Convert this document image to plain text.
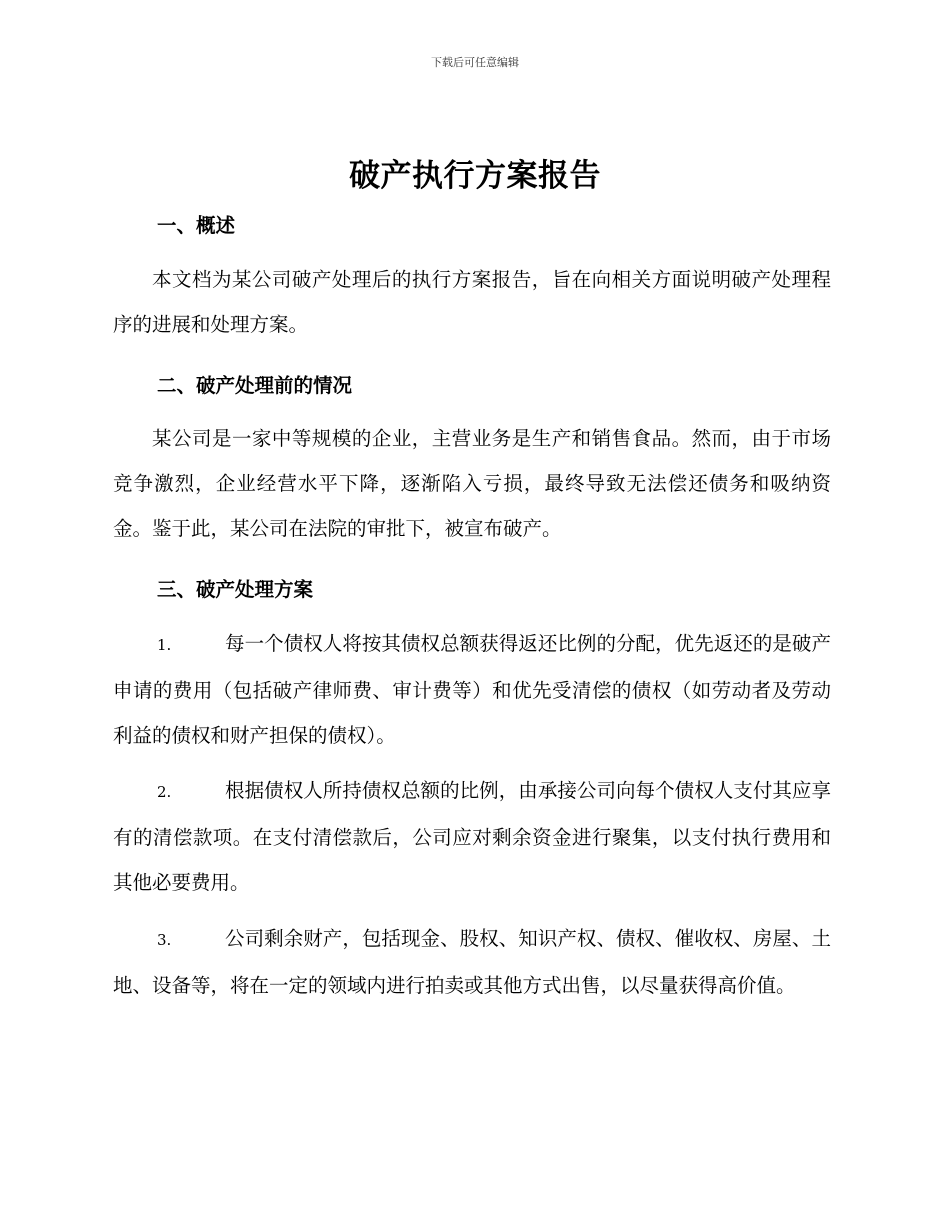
下载后可任意编辑
破产执行方案报告
一、概述
本文档为某公司破产处理后的执行方案报告，旨在向相关方面说明破产处理程序的进展和处理方案。
二、破产处理前的情况
某公司是一家中等规模的企业，主营业务是生产和销售食品。然而，由于市场竞争激烈，企业经营水平下降，逐渐陷入亏损，最终导致无法偿还债务和吸纳资金。鉴于此，某公司在法院的审批下，被宣布破产。
三、破产处理方案
1.	每一个债权人将按其债权总额获得返还比例的分配，优先返还的是破产申请的费用（包括破产律师费、审计费等）和优先受清偿的债权（如劳动者及劳动利益的债权和财产担保的债权）。
2.	根据债权人所持债权总额的比例，由承接公司向每个债权人支付其应享有的清偿款项。在支付清偿款后，公司应对剩余资金进行聚集，以支付执行费用和其他必要费用。
3.	公司剩余财产，包括现金、股权、知识产权、债权、催收权、房屋、土地、设备等，将在一定的领域内进行拍卖或其他方式出售，以尽量获得高价值。
